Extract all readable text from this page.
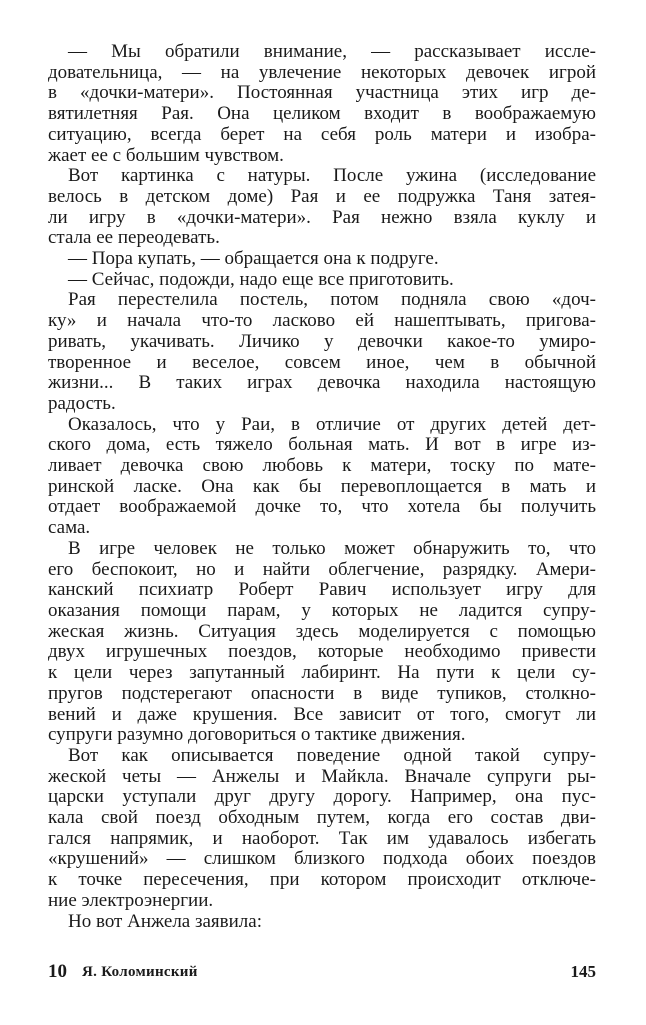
— Мы обратили внимание, — рассказывает иссле-
довательница, — на увлечение некоторых девочек игрой
в «дочки-матери». Постоянная участница этих игр де-
вятилетняя Рая. Она целиком входит в воображаемую
ситуацию, всегда берет на себя роль матери и изобра-
жает ее с большим чувством.
Вот картинка с натуры. После ужина (исследование
велось в детском доме) Рая и ее подружка Таня затея-
ли игру в «дочки-матери». Рая нежно взяла куклу и
стала ее переодевать.
— Пора купать, — обращается она к подруге.
— Сейчас, подожди, надо еще все приготовить.
Рая перестелила постель, потом подняла свою «доч-
ку» и начала что-то ласково ей нашептывать, пригова-
ривать, укачивать. Личико у девочки какое-то умиро-
творенное и веселое, совсем иное, чем в обычной
жизни... В таких играх девочка находила настоящую
радость.
Оказалось, что у Раи, в отличие от других детей дет-
ского дома, есть тяжело больная мать. И вот в игре из-
ливает девочка свою любовь к матери, тоску по мате-
ринской ласке. Она как бы перевоплощается в мать и
отдает воображаемой дочке то, что хотела бы получить
сама.
В игре человек не только может обнаружить то, что
его беспокоит, но и найти облегчение, разрядку. Амери-
канский психиатр Роберт Равич использует игру для
оказания помощи парам, у которых не ладится супру-
жеская жизнь. Ситуация здесь моделируется с помощью
двух игрушечных поездов, которые необходимо привести
к цели через запутанный лабиринт. На пути к цели су-
пругов подстерегают опасности в виде тупиков, столкно-
вений и даже крушения. Все зависит от того, смогут ли
супруги разумно договориться о тактике движения.
Вот как описывается поведение одной такой супру-
жеской четы — Анжелы и Майкла. Вначале супруги ры-
царски уступали друг другу дорогу. Например, она пус-
кала свой поезд обходным путем, когда его состав дви-
гался напрямик, и наоборот. Так им удавалось избегать
«крушений» — слишком близкого подхода обоих поездов
к точке пересечения, при котором происходит отключе-
ние электроэнергии.
Но вот Анжела заявила:
10 Я. Коломинский	145
